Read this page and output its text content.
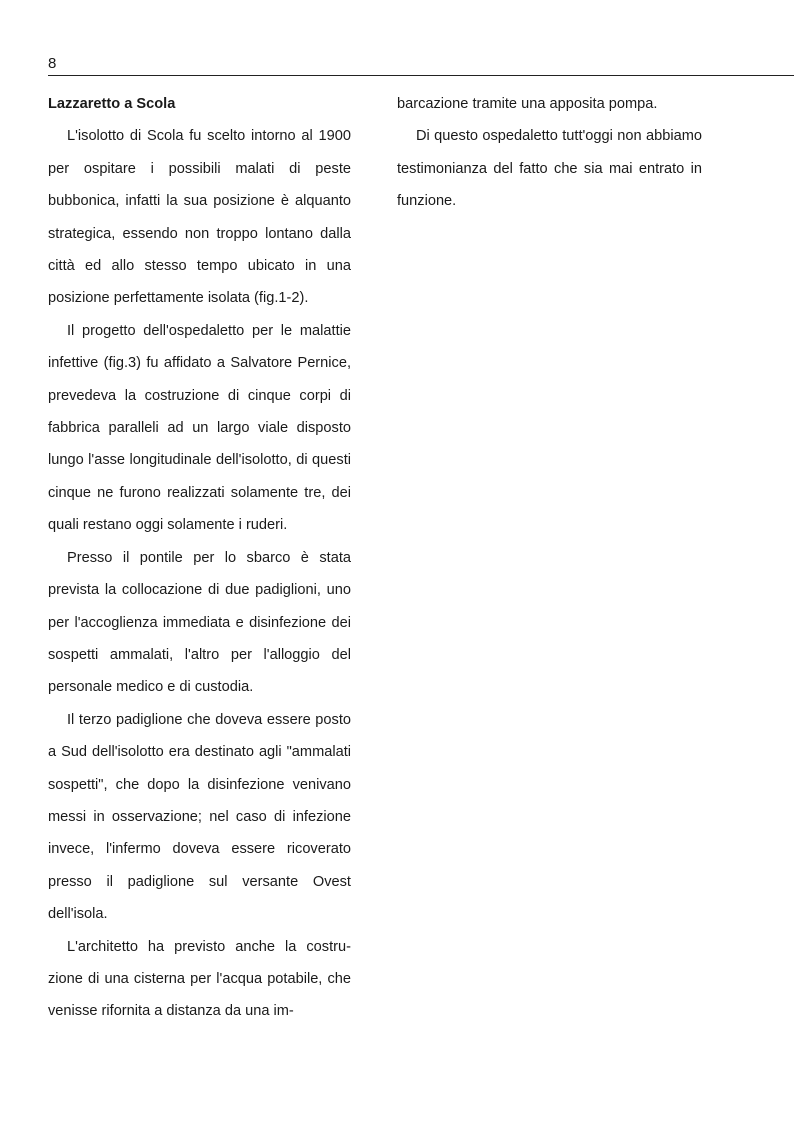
8

Lazzaretto a Scola

L'isolotto di Scola fu scelto intorno al 1900 per ospitare i possibili malati di peste bubbonica, infatti la sua posizione è alquanto strategica, essendo non troppo lontano dalla città ed allo stesso tempo ubicato in una posizione perfettamente isolata (fig.1-2).

Il progetto dell'ospedaletto per le malattie infettive (fig.3) fu affidato a Salvatore Pernice, prevedeva la costruzione di cinque corpi di fabbrica paralleli ad un largo viale disposto lungo l'asse longitudinale dell'isolotto, di questi cinque ne furono realizzati solamente tre, dei quali restano oggi solamente i ruderi.

Presso il pontile per lo sbarco è stata prevista la collocazione di due padiglioni, uno per l'accoglienza immediata e disinfezione dei sospetti ammalati, l'altro per l'alloggio del personale medico e di custodia.

Il terzo padiglione che doveva essere posto a Sud dell'isolotto era destinato agli "ammalati sospetti", che dopo la disinfezione venivano messi in osservazione; nel caso di infezione invece, l'infermo doveva essere ricoverato presso il padiglione sul versante Ovest dell'isola.

L'architetto ha previsto anche la costruzione di una cisterna per l'acqua potabile, che venisse rifornita a distanza da una im-

barcazione tramite una apposita pompa.

Di questo ospedaletto tutt'oggi non abbiamo testimonianza del fatto che sia mai entrato in funzione.
